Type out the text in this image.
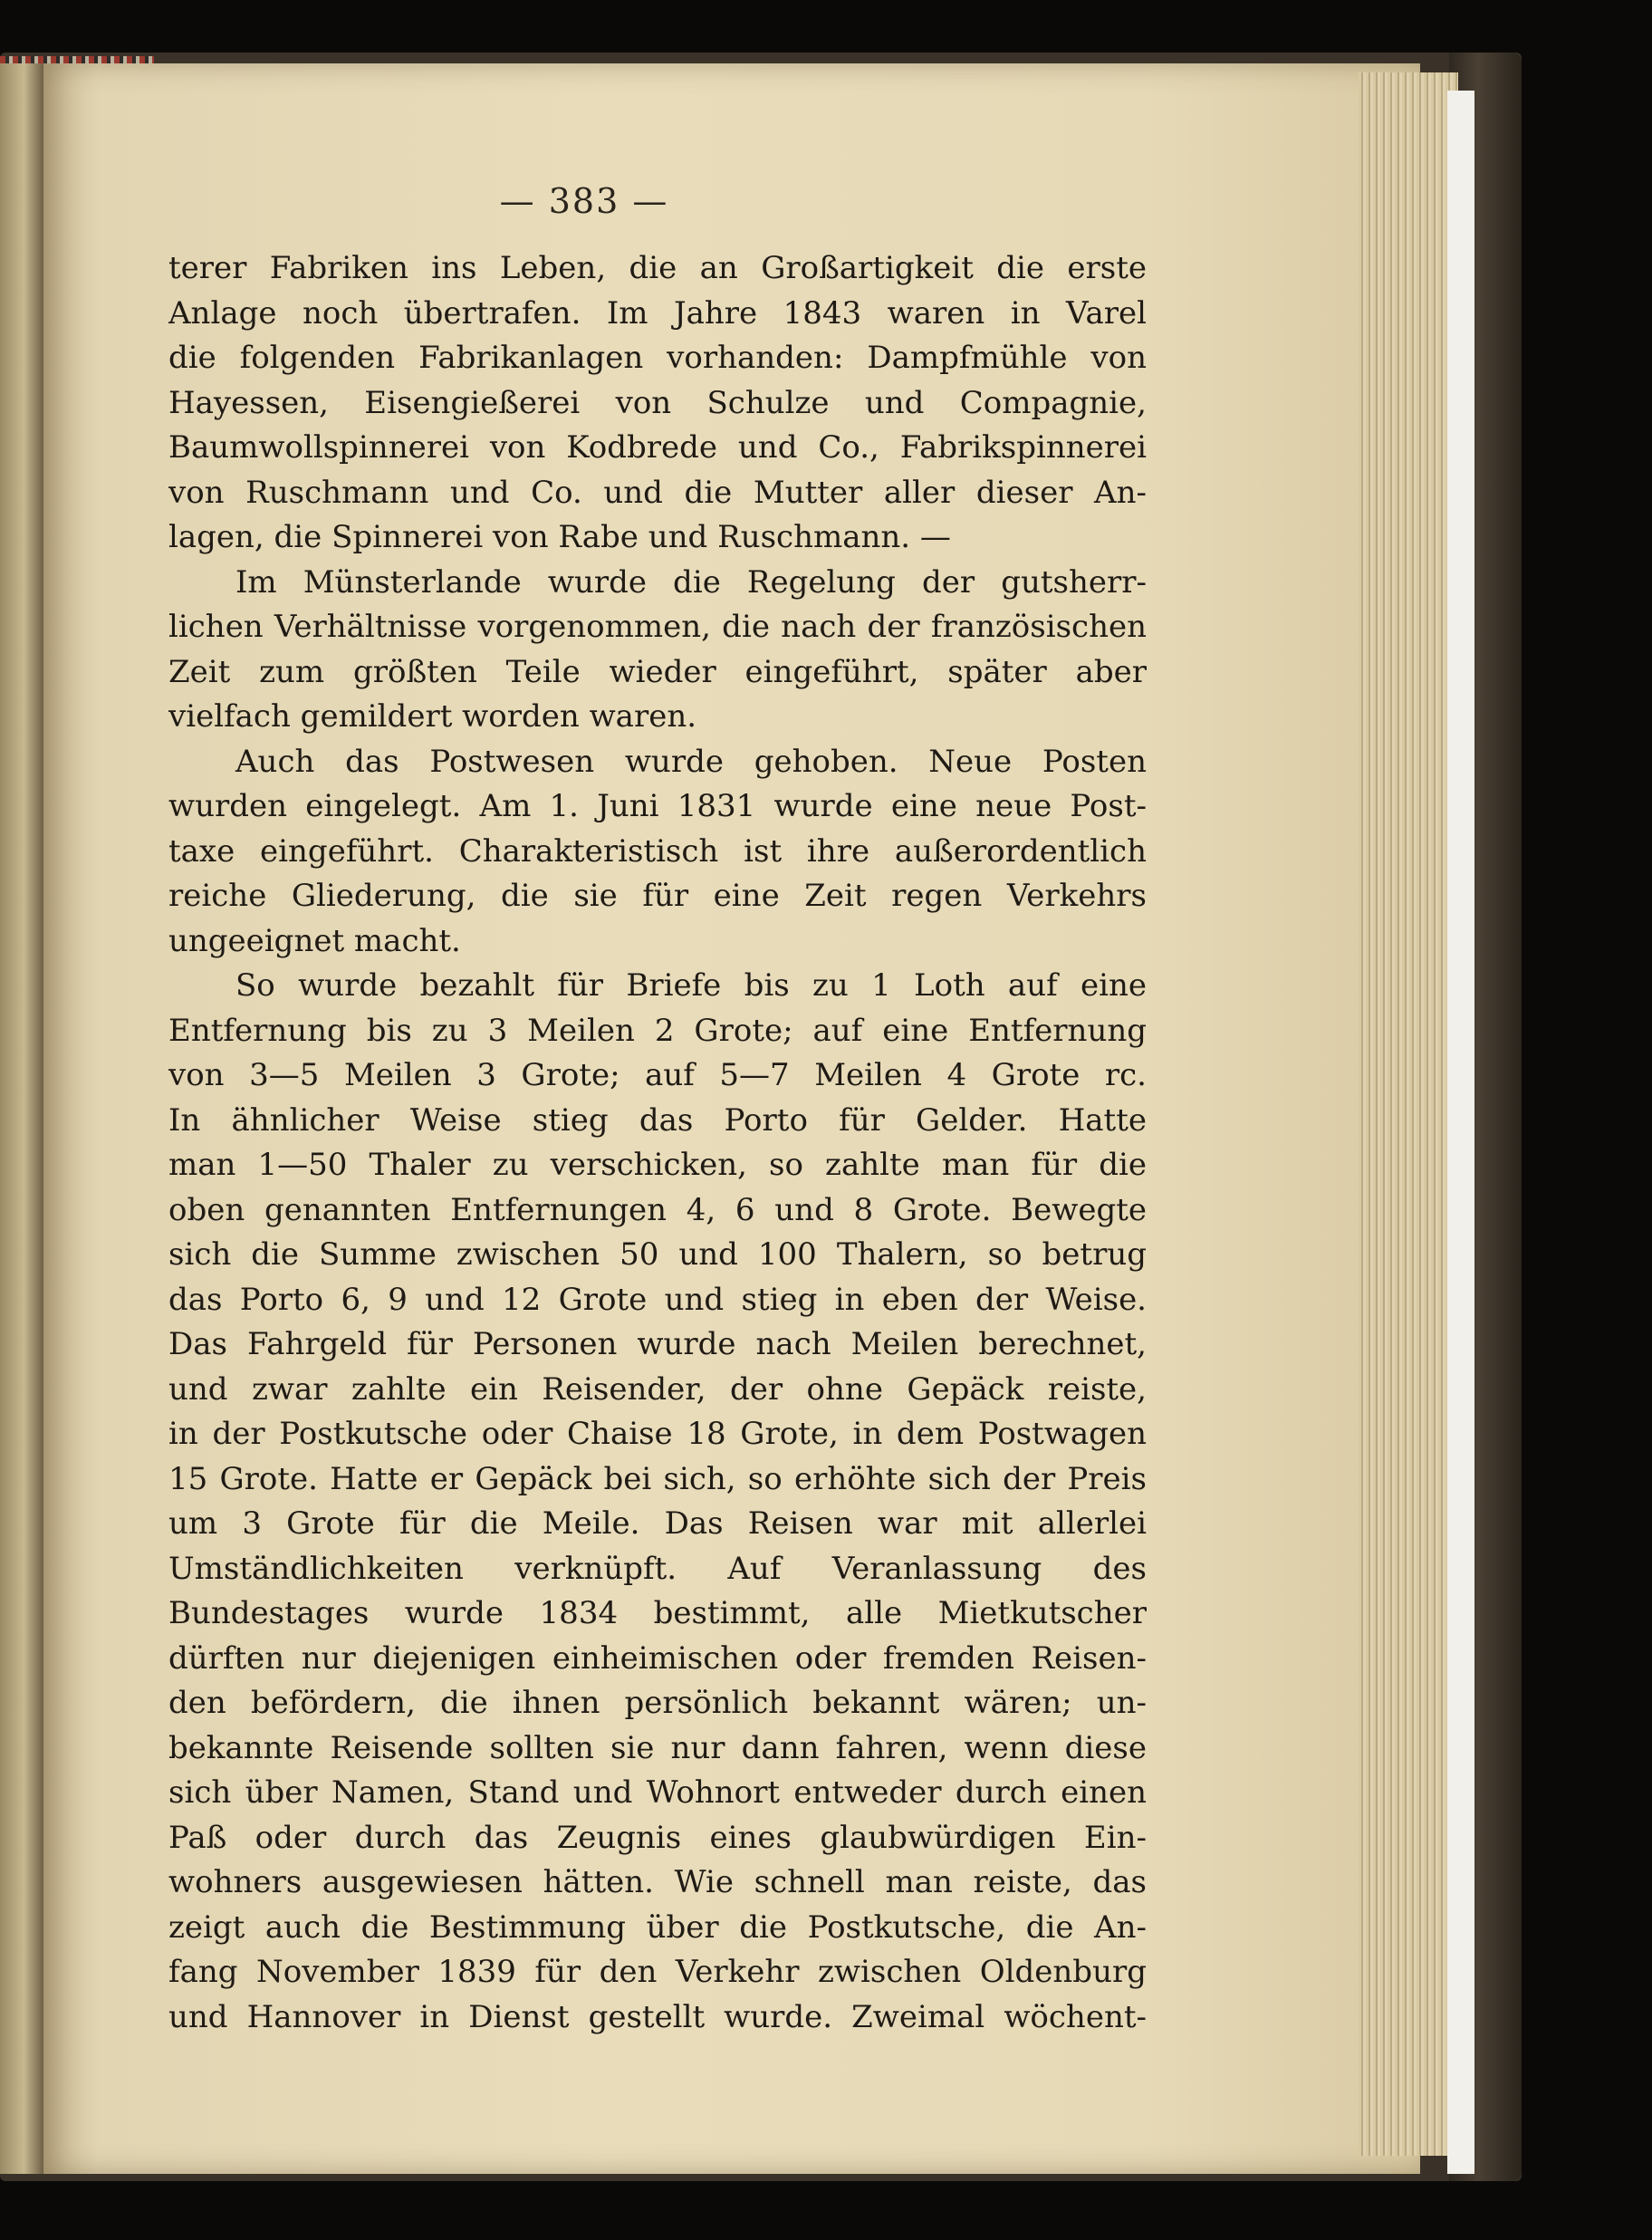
— 383 —
terer Fabriken ins Leben, die an Großartigkeit die erste
Anlage noch übertrafen. Im Jahre 1843 waren in Varel
die folgenden Fabrikanlagen vorhanden: Dampfmühle von
Hayessen, Eisengießerei von Schulze und Compagnie,
Baumwollspinnerei von Kodbrede und Co., Fabrikspinnerei
von Ruschmann und Co. und die Mutter aller dieser An-
lagen, die Spinnerei von Rabe und Ruschmann. —
Im Münsterlande wurde die Regelung der gutsherr-
lichen Verhältnisse vorgenommen, die nach der französischen
Zeit zum größten Teile wieder eingeführt, später aber
vielfach gemildert worden waren.
Auch das Postwesen wurde gehoben. Neue Posten
wurden eingelegt. Am 1. Juni 1831 wurde eine neue Post-
taxe eingeführt. Charakteristisch ist ihre außerordentlich
reiche Gliederung, die sie für eine Zeit regen Verkehrs
ungeeignet macht.
So wurde bezahlt für Briefe bis zu 1 Loth auf eine
Entfernung bis zu 3 Meilen 2 Grote; auf eine Entfernung
von 3—5 Meilen 3 Grote; auf 5—7 Meilen 4 Grote rc.
In ähnlicher Weise stieg das Porto für Gelder. Hatte
man 1—50 Thaler zu verschicken, so zahlte man für die
oben genannten Entfernungen 4, 6 und 8 Grote. Bewegte
sich die Summe zwischen 50 und 100 Thalern, so betrug
das Porto 6, 9 und 12 Grote und stieg in eben der Weise.
Das Fahrgeld für Personen wurde nach Meilen berechnet,
und zwar zahlte ein Reisender, der ohne Gepäck reiste,
in der Postkutsche oder Chaise 18 Grote, in dem Postwagen
15 Grote. Hatte er Gepäck bei sich, so erhöhte sich der Preis
um 3 Grote für die Meile. Das Reisen war mit allerlei
Umständlichkeiten verknüpft. Auf Veranlassung des
Bundestages wurde 1834 bestimmt, alle Mietkutscher
dürften nur diejenigen einheimischen oder fremden Reisen-
den befördern, die ihnen persönlich bekannt wären; un-
bekannte Reisende sollten sie nur dann fahren, wenn diese
sich über Namen, Stand und Wohnort entweder durch einen
Paß oder durch das Zeugnis eines glaubwürdigen Ein-
wohners ausgewiesen hätten. Wie schnell man reiste, das
zeigt auch die Bestimmung über die Postkutsche, die An-
fang November 1839 für den Verkehr zwischen Oldenburg
und Hannover in Dienst gestellt wurde. Zweimal wöchent-
